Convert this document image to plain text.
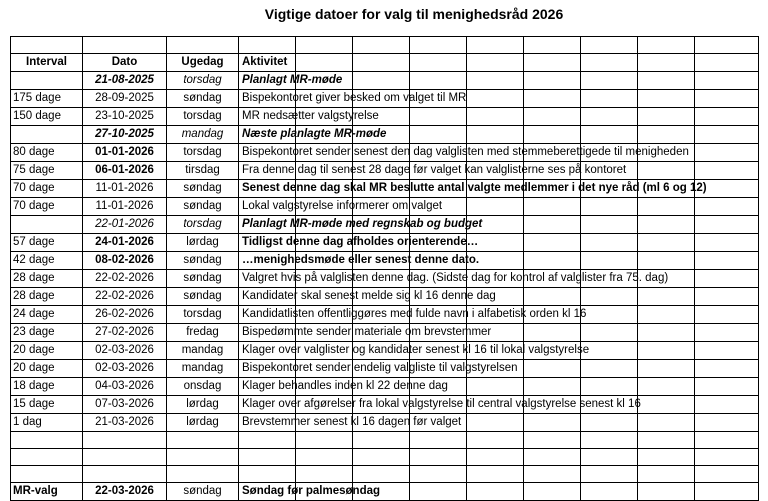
Vigtige datoer for valg til menighedsråd 2026

Interval	Dato	Ugedag	Aktivitet								

	21-08-2025	torsdag	Planlagt MR-møde								

175 dage	28-09-2025	søndag	Bispekontoret giver besked om valget til MR								

150 dage	23-10-2025	torsdag	MR nedsætter valgstyrelse								

	27-10-2025	mandag	Næste planlagte MR-møde								

80 dage	01-01-2026	torsdag	Bispekontoret sender senest den dag valglisten med stemmeberettigede til menigheden								

75 dage	06-01-2026	tirsdag	Fra denne dag til senest 28 dage før valget kan valglisterne ses på kontoret								

70 dage	11-01-2026	søndag	Senest denne dag skal MR beslutte antal valgte medlemmer i det nye råd (ml 6 og 12)								

70 dage	11-01-2026	søndag	Lokal valgstyrelse informerer om valget								

	22-01-2026	torsdag	Planlagt MR-møde med regnskab og budget								

57 dage	24-01-2026	lørdag	Tidligst denne dag afholdes orienterende…								

42 dage	08-02-2026	søndag	…menighedsmøde eller senest denne dato.								

28 dage	22-02-2026	søndag	Valgret hvis på valglisten denne dag. (Sidste dag for kontrol af valglister fra 75. dag)								

28 dage	22-02-2026	søndag	Kandidater skal senest melde sig kl 16 denne dag								

24 dage	26-02-2026	torsdag	Kandidatlisten offentliggøres med fulde navn i alfabetisk orden kl 16								

23 dage	27-02-2026	fredag	Bispedømmte sender materiale om brevstemmer								

20 dage	02-03-2026	mandag	Klager over valglister og kandidater senest kl 16 til lokal valgstyrelse								

20 dage	02-03-2026	mandag	Bispekontoret sender endelig valgliste til valgstyrelsen								

18 dage	04-03-2026	onsdag	Klager behandles inden kl 22 denne dag								

15 dage	07-03-2026	lørdag	Klager over afgørelser fra lokal valgstyrelse til central valgstyrelse senest kl 16								

1 dag	21-03-2026	lørdag	Brevstemmer senest kl 16 dagen før valget								

MR-valg	22-03-2026	søndag	Søndag før palmesøndag								
